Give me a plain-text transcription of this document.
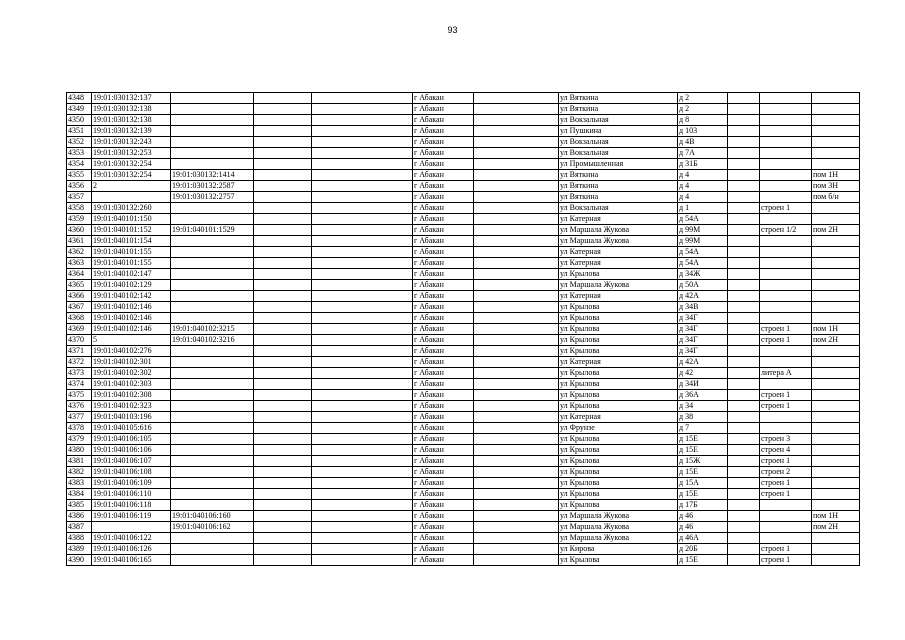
93
4348	19:01:030132:137				г Абакан		ул Вяткина	д 2			
4349	19:01:030132:138				г Абакан		ул Вяткина	д 2			
4350	19:01:030132:138				г Абакан		ул Вокзальная	д 8			
4351	19:01:030132:139				г Абакан		ул Пушкина	д 103			
4352	19:01:030132:243				г Абакан		ул Вокзальная	д 4В			
4353	19:01:030132:253				г Абакан		ул Вокзальная	д 7А			
4354	19:01:030132:254				г Абакан		ул Промышленная	д 31Б			
4355	19:01:030132:254	19:01:030132:1414			г Абакан		ул Вяткина	д 4			пом 1Н
4356	2	19:01:030132:2587			г Абакан		ул Вяткина	д 4			пом 3Н
4357		19:01:030132:2757			г Абакан		ул Вяткина	д 4			пом б/н
4358	19:01:030132:260				г Абакан		ул Вокзальная	д 1		строен 1	
4359	19:01:040101:150				г Абакан		ул Катерная	д 54А			
4360	19:01:040101:152	19:01:040101:1529			г Абакан		ул Маршала Жукова	д 99М		строен 1/2	пом 2Н
4361	19:01:040101:154				г Абакан		ул Маршала Жукова	д 99М			
4362	19:01:040101:155				г Абакан		ул Катерная	д 54А			
4363	19:01:040101:155				г Абакан		ул Катерная	д 54А			
4364	19:01:040102:147				г Абакан		ул Крылова	д 34Ж			
4365	19:01:040102:129				г Абакан		ул Маршала Жукова	д 50А			
4366	19:01:040102:142				г Абакан		ул Катерная	д 42А			
4367	19:01:040102:146				г Абакан		ул Крылова	д 34В			
4368	19:01:040102:146				г Абакан		ул Крылова	д 34Г			
4369	19:01:040102:146	19:01:040102:3215			г Абакан		ул Крылова	д 34Г		строен 1	пом 1Н
4370	5	19:01:040102:3216			г Абакан		ул Крылова	д 34Г		строен 1	пом 2Н
4371	19:01:040102:276				г Абакан		ул Крылова	д 34Г			
4372	19:01:040102:301				г Абакан		ул Катерная	д 42А			
4373	19:01:040102:302				г Абакан		ул Крылова	д 42		литера А	
4374	19:01:040102:303				г Абакан		ул Крылова	д 34И			
4375	19:01:040102:308				г Абакан		ул Крылова	д 36А		строен 1	
4376	19:01:040102:323				г Абакан		ул Крылова	д 34		строен 1	
4377	19:01:040103:196				г Абакан		ул Катерная	д 38			
4378	19:01:040105:616				г Абакан		ул Фрунзе	д 7			
4379	19:01:040106:105				г Абакан		ул Крылова	д 15Е		строен 3	
4380	19:01:040106:106				г Абакан		ул Крылова	д 15Е		строен 4	
4381	19:01:040106:107				г Абакан		ул Крылова	д 15Ж		строен 1	
4382	19:01:040106:108				г Абакан		ул Крылова	д 15Е		строен 2	
4383	19:01:040106:109				г Абакан		ул Крылова	д 15А		строен 1	
4384	19:01:040106:110				г Абакан		ул Крылова	д 15Е		строен 1	
4385	19:01:040106:118				г Абакан		ул Крылова	д 17Б			
4386	19:01:040106:119	19:01:040106:160			г Абакан		ул Маршала Жукова	д 46			пом 1Н
4387		19:01:040106:162			г Абакан		ул Маршала Жукова	д 46			пом 2Н
4388	19:01:040106:122				г Абакан		ул Маршала Жукова	д 46А			
4389	19:01:040106:126				г Абакан		ул Кирова	д 20Б		строен 1	
4390	19:01:040106:165				г Абакан		ул Крылова	д 15Е		строен 1	
